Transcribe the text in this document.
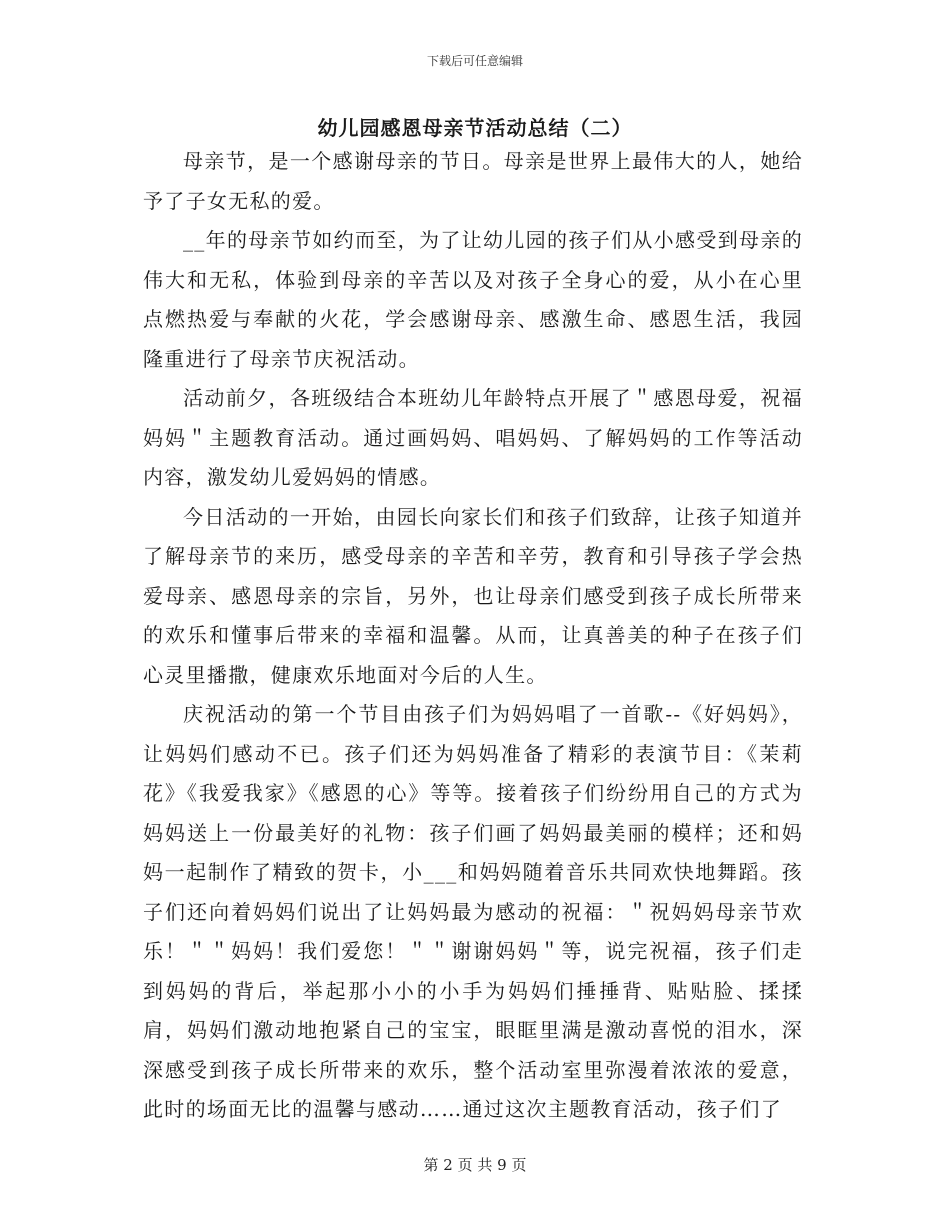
下载后可任意编辑
幼儿园感恩母亲节活动总结（二）

母亲节，是一个感谢母亲的节日。母亲是世界上最伟大的人，她给予了子女无私的爱。

__年的母亲节如约而至，为了让幼儿园的孩子们从小感受到母亲的伟大和无私，体验到母亲的辛苦以及对孩子全身心的爱，从小在心里点燃热爱与奉献的火花，学会感谢母亲、感激生命、感恩生活，我园隆重进行了母亲节庆祝活动。

活动前夕，各班级结合本班幼儿年龄特点开展了＂感恩母爱，祝福妈妈＂主题教育活动。通过画妈妈、唱妈妈、了解妈妈的工作等活动内容，激发幼儿爱妈妈的情感。

今日活动的一开始，由园长向家长们和孩子们致辞，让孩子知道并了解母亲节的来历，感受母亲的辛苦和辛劳，教育和引导孩子学会热爱母亲、感恩母亲的宗旨，另外，也让母亲们感受到孩子成长所带来的欢乐和懂事后带来的幸福和温馨。从而，让真善美的种子在孩子们心灵里播撒，健康欢乐地面对今后的人生。

庆祝活动的第一个节目由孩子们为妈妈唱了一首歌--《好妈妈》，让妈妈们感动不已。孩子们还为妈妈准备了精彩的表演节目：《茉莉花》《我爱我家》《感恩的心》等等。接着孩子们纷纷用自己的方式为妈妈送上一份最美好的礼物：孩子们画了妈妈最美丽的模样；还和妈妈一起制作了精致的贺卡，小___和妈妈随着音乐共同欢快地舞蹈。孩子们还向着妈妈们说出了让妈妈最为感动的祝福：＂祝妈妈母亲节欢乐！＂＂妈妈！我们爱您！＂＂谢谢妈妈＂等，说完祝福，孩子们走到妈妈的背后，举起那小小的小手为妈妈们捶捶背、贴贴脸、揉揉肩，妈妈们激动地抱紧自己的宝宝，眼眶里满是激动喜悦的泪水，深深感受到孩子成长所带来的欢乐，整个活动室里弥漫着浓浓的爱意，此时的场面无比的温馨与感动……通过这次主题教育活动，孩子们了

第 2 页 共 9 页
